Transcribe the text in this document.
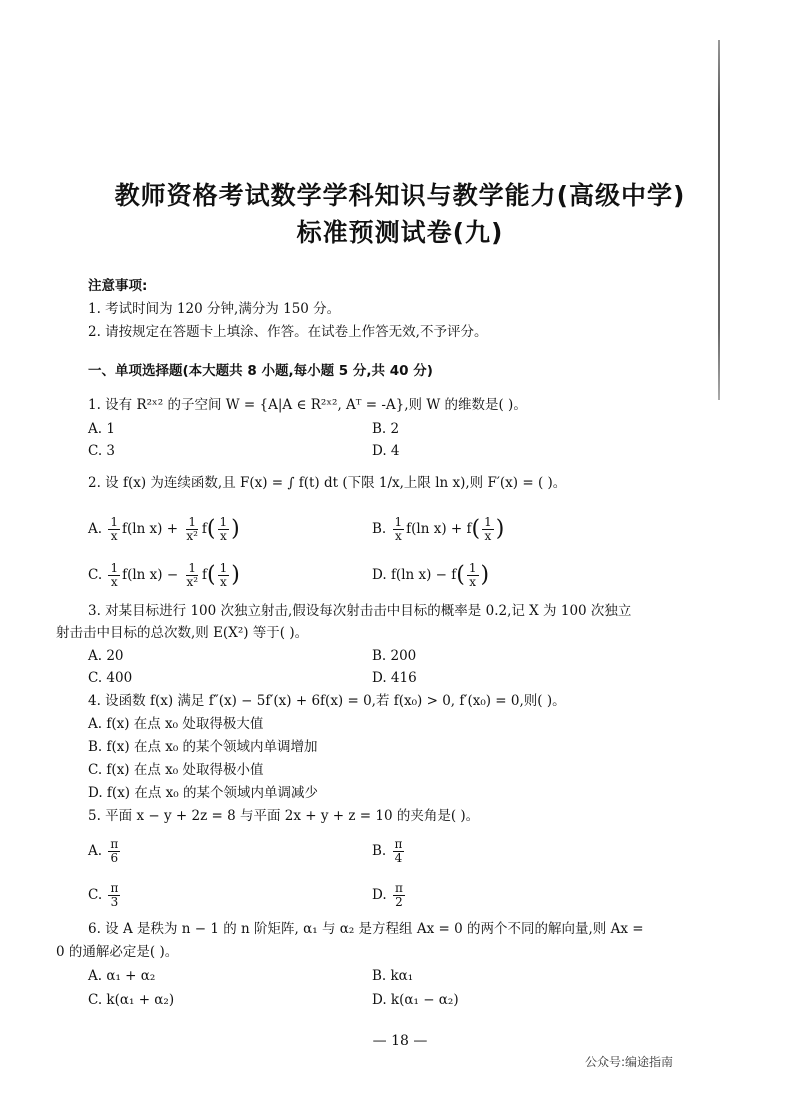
教师资格考试数学学科知识与教学能力(高级中学)
标准预测试卷(九)
注意事项:
1. 考试时间为 120 分钟,满分为 150 分。
2. 请按规定在答题卡上填涂、作答。在试卷上作答无效,不予评分。
一、单项选择题(本大题共 8 小题,每小题 5 分,共 40 分)
1. 设有 R²ˣ² 的子空间 W = {A|A ∈ R²ˣ², Aᵀ = -A},则 W 的维数是( )。
A. 1	B. 2
C. 3	D. 4
2. 设 f(x) 为连续函数,且 F(x) = ∫ f(t) dt (下限 1/x,上限 ln x),则 F′(x) = ( )。
A. $\frac{1}{x} f(\ln$ $x) + \frac{1}{\text{x²}} f( \frac{1}{x}$ )	B. $\frac{1}{x} f(\ln$ $x) + f( \frac{1}{x}$ )
C. $\frac{1}{x} f(\ln$ $x) - \frac{1}{\text{x²}} f( \frac{1}{x}$ )	D. f(ln $x) - f( \frac{1}{x}$ )
3. 对某目标进行 100 次独立射击,假设每次射击击中目标的概率是 0.2,记 X 为 100 次独立
射击击中目标的总次数,则 E(X²) 等于( )。
A. 20	B. 200
C. 400	D. 416
4. 设函数 f(x) 满足 f″(x) − 5f′(x) + 6f(x) = 0,若 f(x₀) > 0, f′(x₀) = 0,则( )。
A. f(x) 在点 x₀ 处取得极大值
B. f(x) 在点 x₀ 的某个领域内单调增加
C. f(x) 在点 x₀ 处取得极小值
D. f(x) 在点 x₀ 的某个领域内单调减少
5. 平面 x − y + 2z = 8 与平面 2x + y + z = 10 的夹角是( )。
A. $\frac{\pi}{6}$	B. $\frac{\pi}{4}$
C. $\frac{\pi}{3}$	D. $\frac{\pi}{2}$
6. 设 A 是秩为 n − 1 的 n 阶矩阵, α₁ 与 α₂ 是方程组 Ax = 0 的两个不同的解向量,则 Ax =
0 的通解必定是( )。
A. α₁ + α₂	B. kα₁
C. k(α₁ + α₂)	D. k(α₁ − α₂)
— 18 —
公众号:编途指南
